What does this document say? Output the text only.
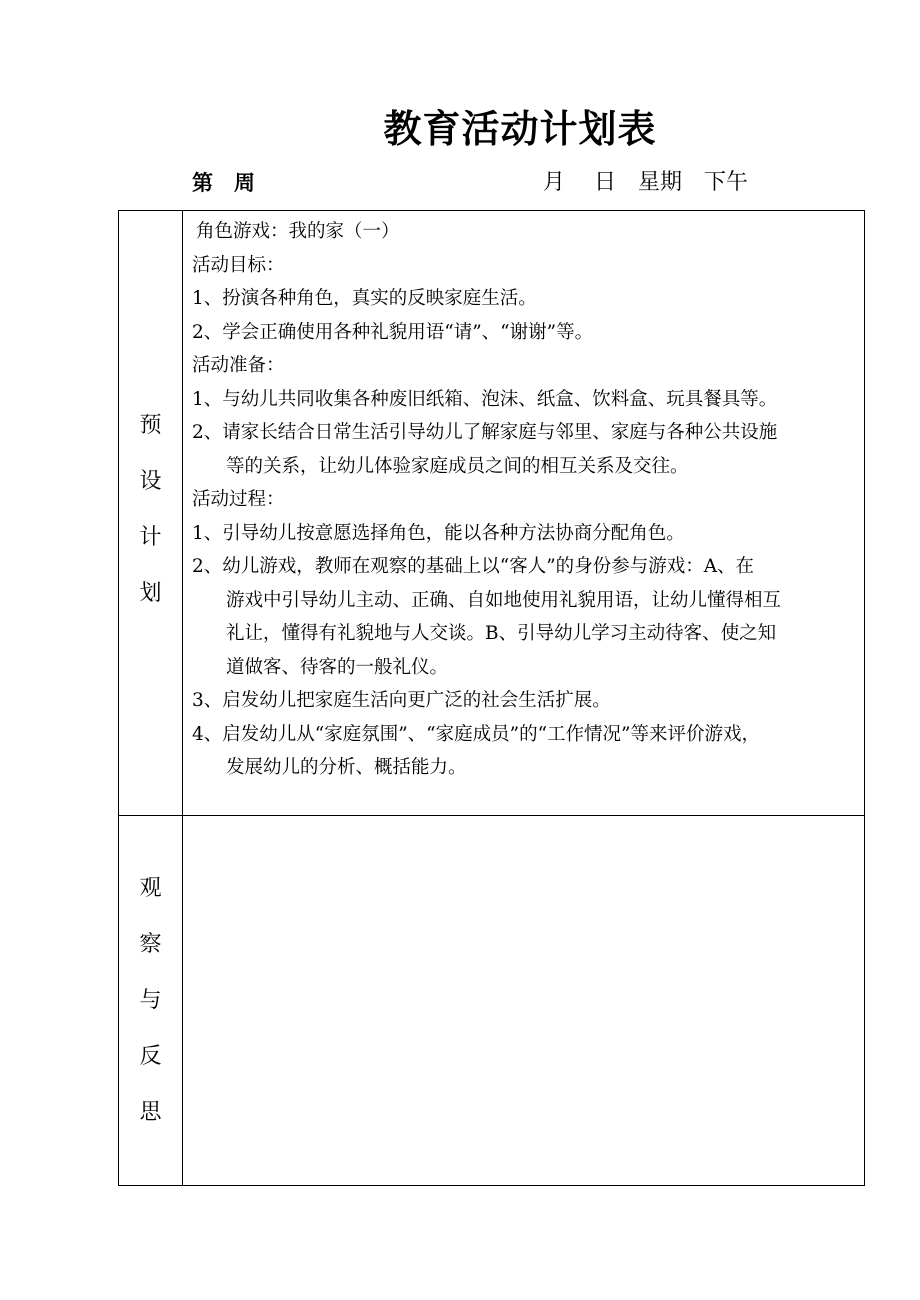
教育活动计划表
第　周	月　 日　星期　下午
预
设
计
划
观
察
与
反
思
角色游戏：我的家（一）
活动目标：
1、扮演各种角色，真实的反映家庭生活。
2、学会正确使用各种礼貌用语“请”、“谢谢”等。
活动准备：
1、与幼儿共同收集各种废旧纸箱、泡沫、纸盒、饮料盒、玩具餐具等。
2、请家长结合日常生活引导幼儿了解家庭与邻里、家庭与各种公共设施
等的关系，让幼儿体验家庭成员之间的相互关系及交往。
活动过程：
1、引导幼儿按意愿选择角色，能以各种方法协商分配角色。
2、幼儿游戏，教师在观察的基础上以“客人”的身份参与游戏：A、在
游戏中引导幼儿主动、正确、自如地使用礼貌用语，让幼儿懂得相互
礼让，懂得有礼貌地与人交谈。B、引导幼儿学习主动待客、使之知
道做客、待客的一般礼仪。
3、启发幼儿把家庭生活向更广泛的社会生活扩展。
4、启发幼儿从“家庭氛围”、“家庭成员”的“工作情况”等来评价游戏，
发展幼儿的分析、概括能力。
